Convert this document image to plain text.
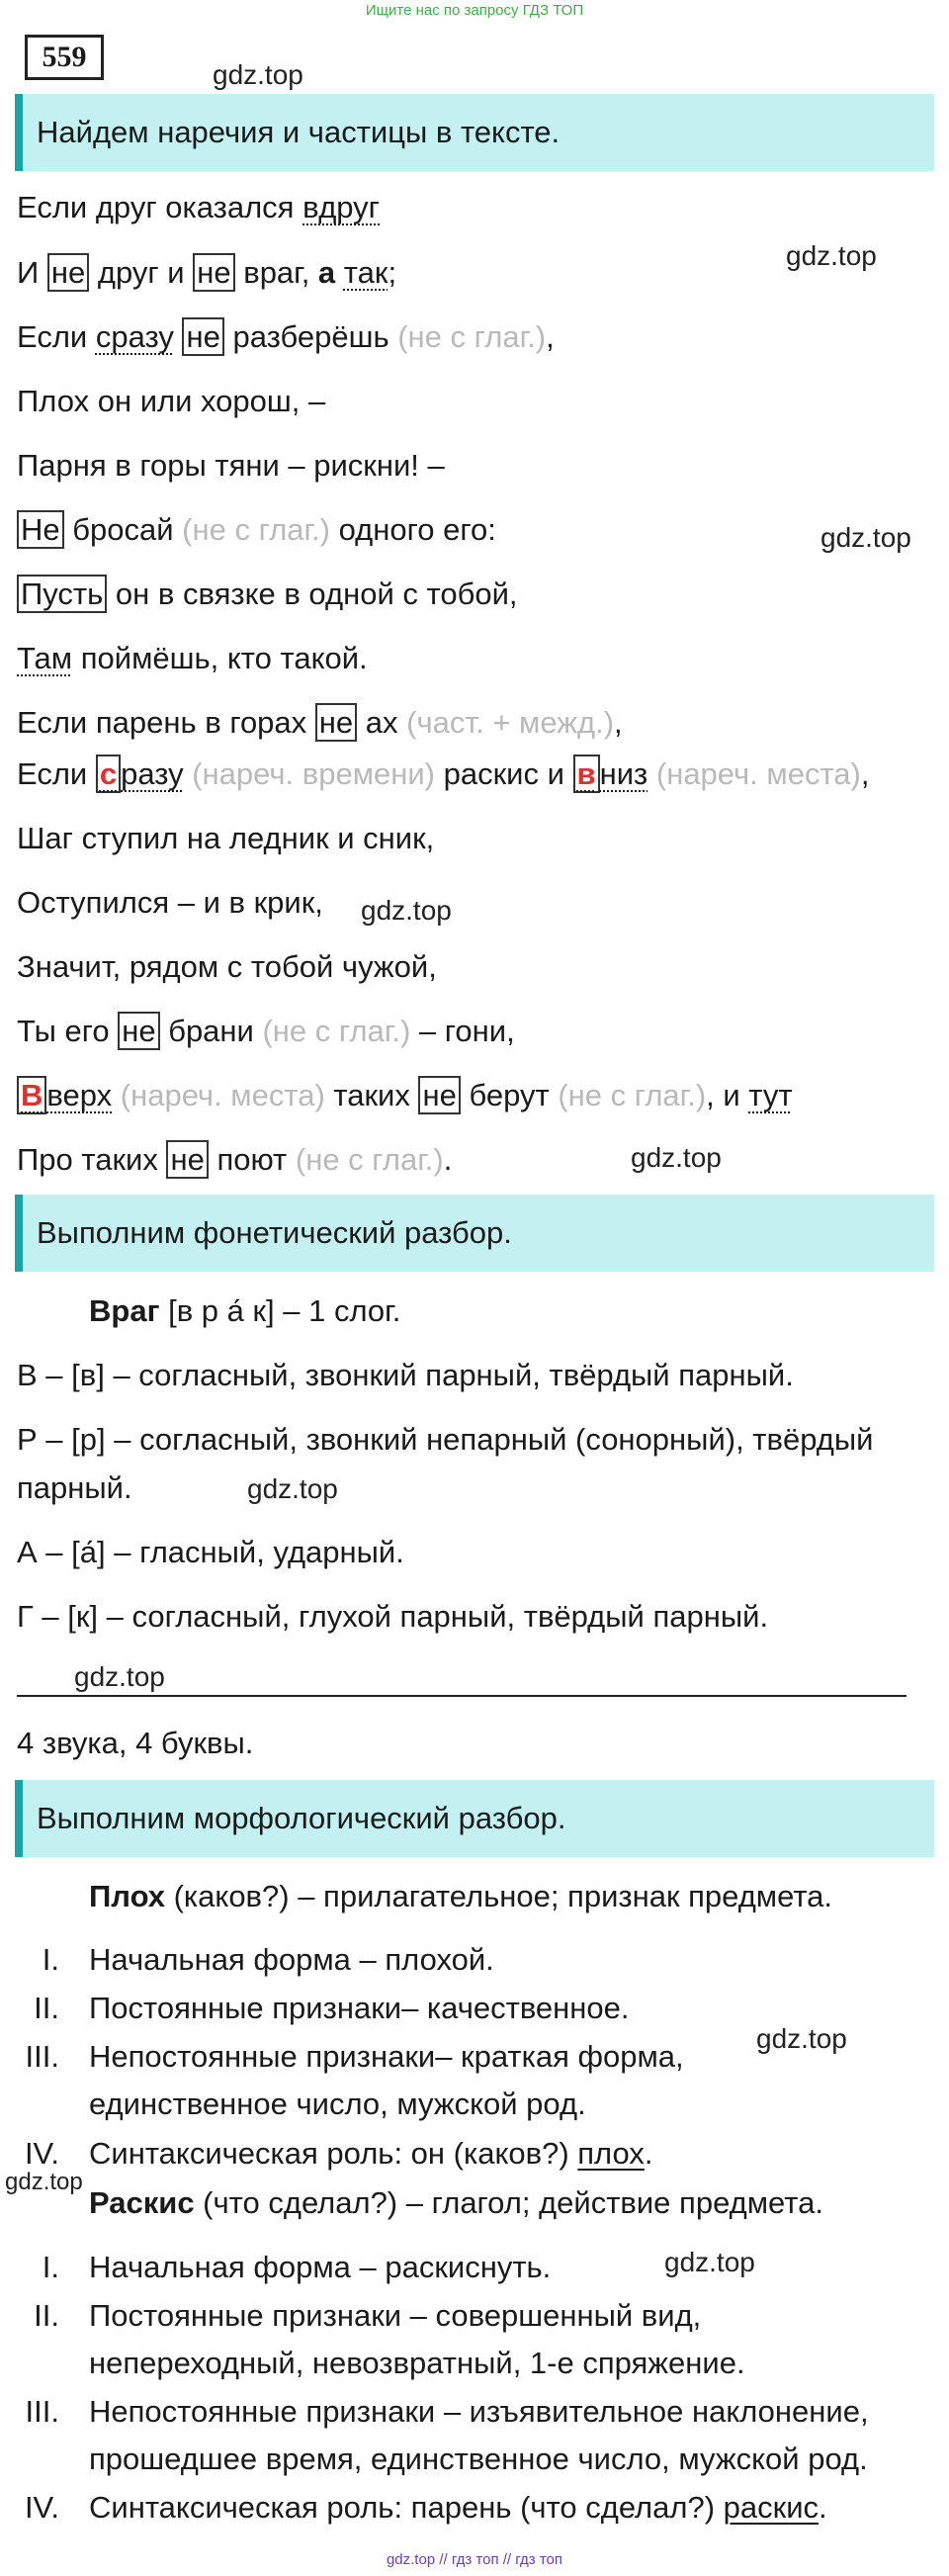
Ищите нас по запросу ГДЗ ТОП
559
gdz.top
Найдем наречия и частицы в тексте.
Если друг оказался вдруг
gdz.top
И не друг и не враг, а так;
Если сразу не разберёшь (не с глаг.),
Плох он или хорош, –
Парня в горы тяни – рискни! –
Не бросай (не с глаг.) одного его:	gdz.top
Пусть он в связке в одной с тобой,
Там поймёшь, кто такой.
Если парень в горах не ах (част. + межд.),
Если с разу (нареч. времени) раскис и в низ (нареч. места),
Шаг ступил на ледник и сник,
Оступился – и в крик, gdz.top
Значит, рядом с тобой чужой,
Ты его не брани (не с глаг.) – гони,
В верх (нареч. места) таких не берут (не с глаг.), и тут
Про таких не поют (не с глаг.).	gdz.top
Выполним фонетический разбор.
Враг [в р а́ к] – 1 слог.
В – [в] – согласный, звонкий парный, твёрдый парный.
Р – [р] – согласный, звонкий непарный (сонорный), твёрдый
парный.	gdz.top
А – [а́] – гласный, ударный.
Г – [к] – согласный, глухой парный, твёрдый парный.
gdz.top
4 звука, 4 буквы.
Выполним морфологический разбор.
Плох (каков?) – прилагательное; признак предмета.
I. Начальная форма – плохой.
II. Постоянные признаки– качественное.
gdz.top
III. Непостоянные признаки– краткая форма,
единственное число, мужской род.
IV. Синтаксическая роль: он (каков?) плох.
gdz.top
Раскис (что сделал?) – глагол; действие предмета.
I. Начальная форма – раскиснуть.	gdz.top
II. Постоянные признаки – совершенный вид,
непереходный, невозвратный, 1-е спряжение.
III. Непостоянные признаки – изъявительное наклонение,
прошедшее время, единственное число, мужской род.
IV. Синтаксическая роль: парень (что сделал?) раскис.
gdz.top // гдз топ // гдз топ
